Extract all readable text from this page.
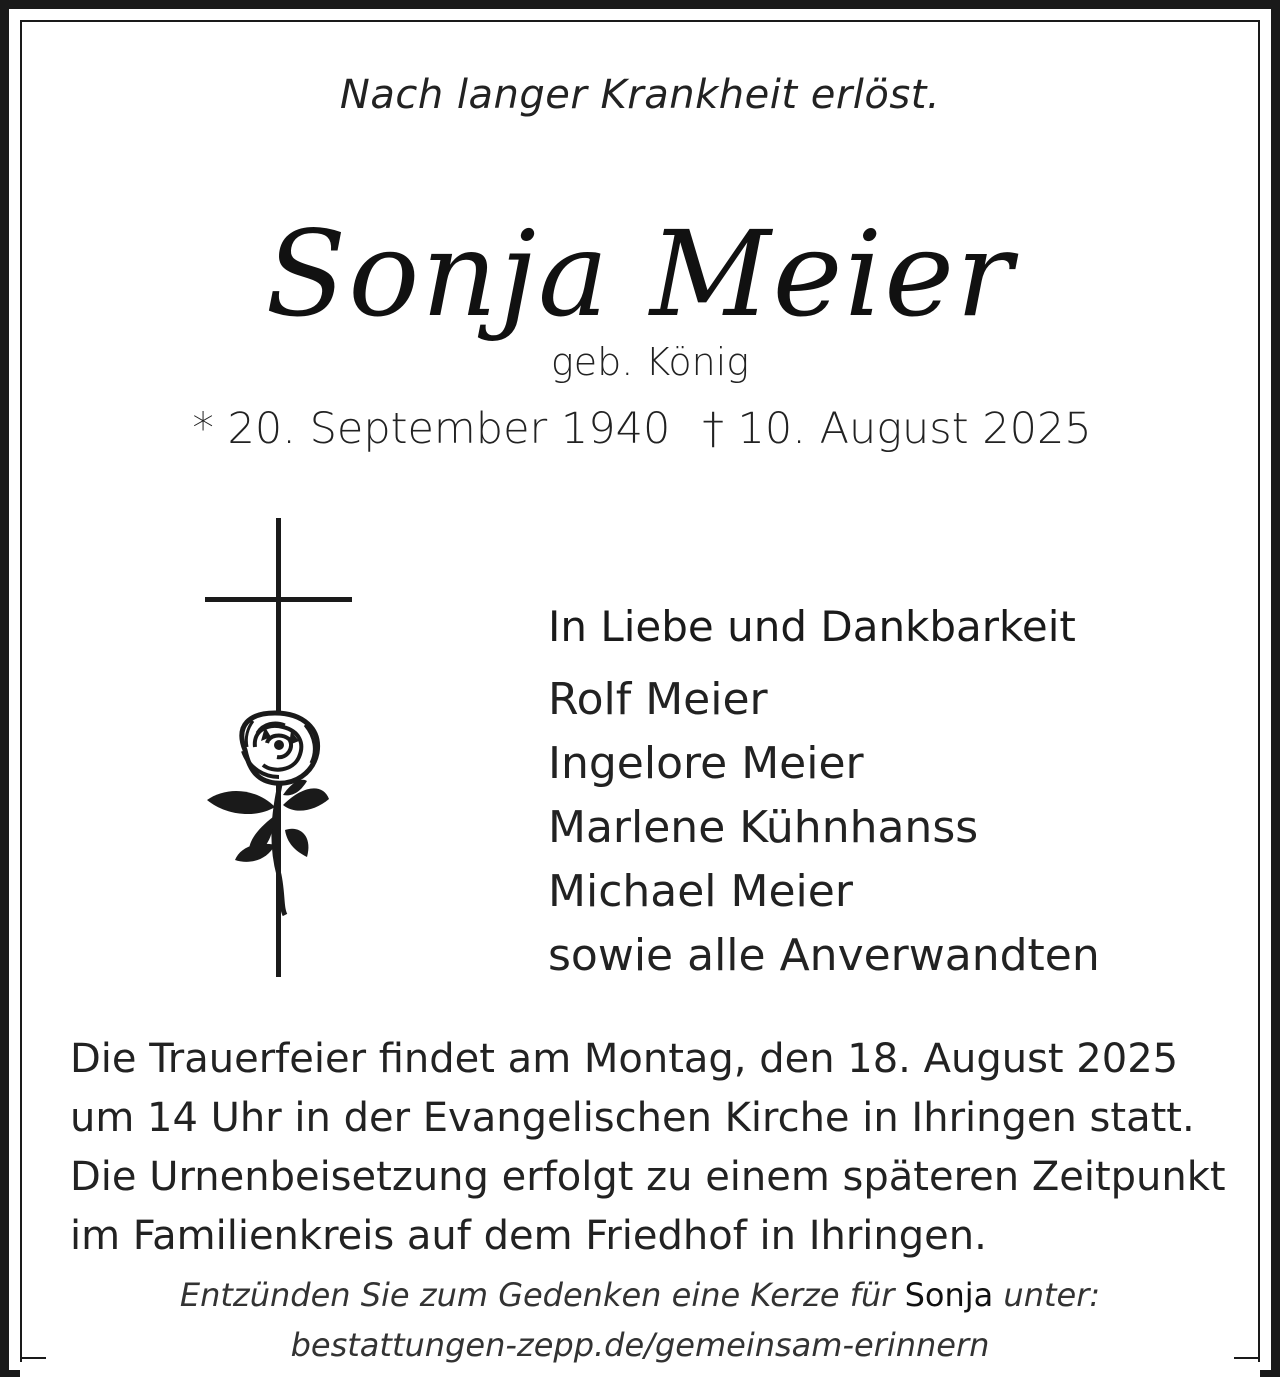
Nach langer Krankheit erlöst.
Sonja Meier
geb. König
* 20. September 1940 † 10. August 2025
In Liebe und Dankbarkeit
Rolf Meier
Ingelore Meier
Marlene Kühnhanss
Michael Meier
sowie alle Anverwandten
Die Trauerfeier findet am Montag, den 18. August 2025
um 14 Uhr in der Evangelischen Kirche in Ihringen statt.
Die Urnenbeisetzung erfolgt zu einem späteren Zeitpunkt
im Familienkreis auf dem Friedhof in Ihringen.
Entzünden Sie zum Gedenken eine Kerze für Sonja unter:
bestattungen-zepp.de/gemeinsam-erinnern
